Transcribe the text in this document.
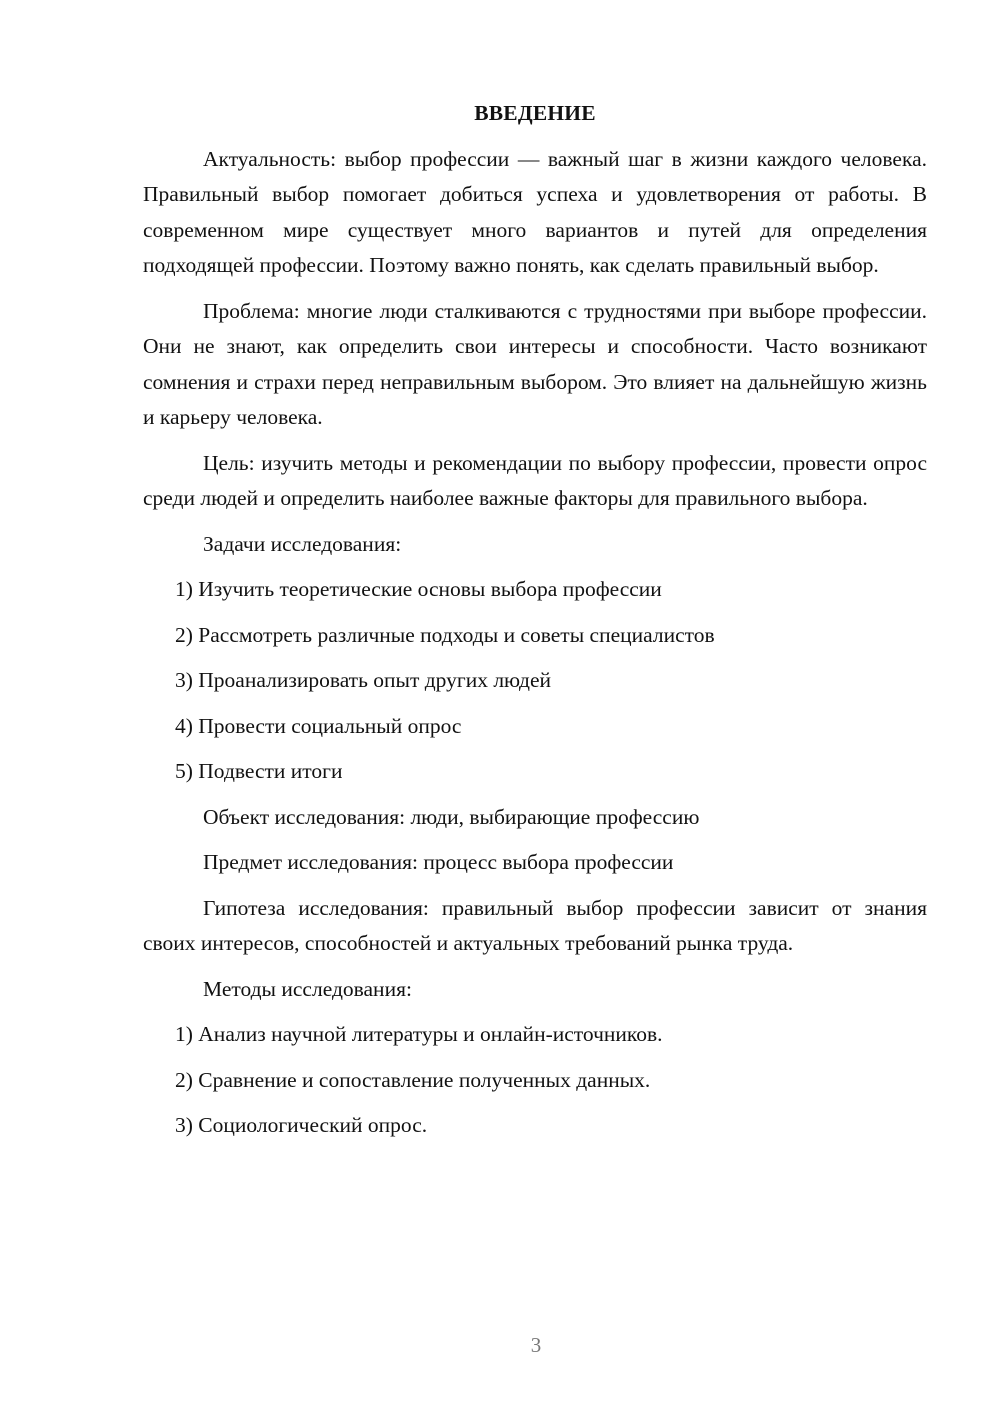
ВВЕДЕНИЕ

Актуальность: выбор профессии — важный шаг в жизни каждого человека. Правильный выбор помогает добиться успеха и удовлетворения от работы. В современном мире существует много вариантов и путей для определения подходящей профессии. Поэтому важно понять, как сделать правильный выбор.

Проблема: многие люди сталкиваются с трудностями при выборе профессии. Они не знают, как определить свои интересы и способности. Часто возникают сомнения и страхи перед неправильным выбором. Это влияет на дальнейшую жизнь и карьеру человека.

Цель: изучить методы и рекомендации по выбору профессии, провести опрос среди людей и определить наиболее важные факторы для правильного выбора.

Задачи исследования:
1) Изучить теоретические основы выбора профессии
2) Рассмотреть различные подходы и советы специалистов
3) Проанализировать опыт других людей
4) Провести социальный опрос
5) Подвести итоги
Объект исследования: люди, выбирающие профессию
Предмет исследования: процесс выбора профессии

Гипотеза исследования: правильный выбор профессии зависит от знания своих интересов, способностей и актуальных требований рынка труда.

Методы исследования:
1) Анализ научной литературы и онлайн-источников.
2) Сравнение и сопоставление полученных данных.
3) Социологический опрос.
3
